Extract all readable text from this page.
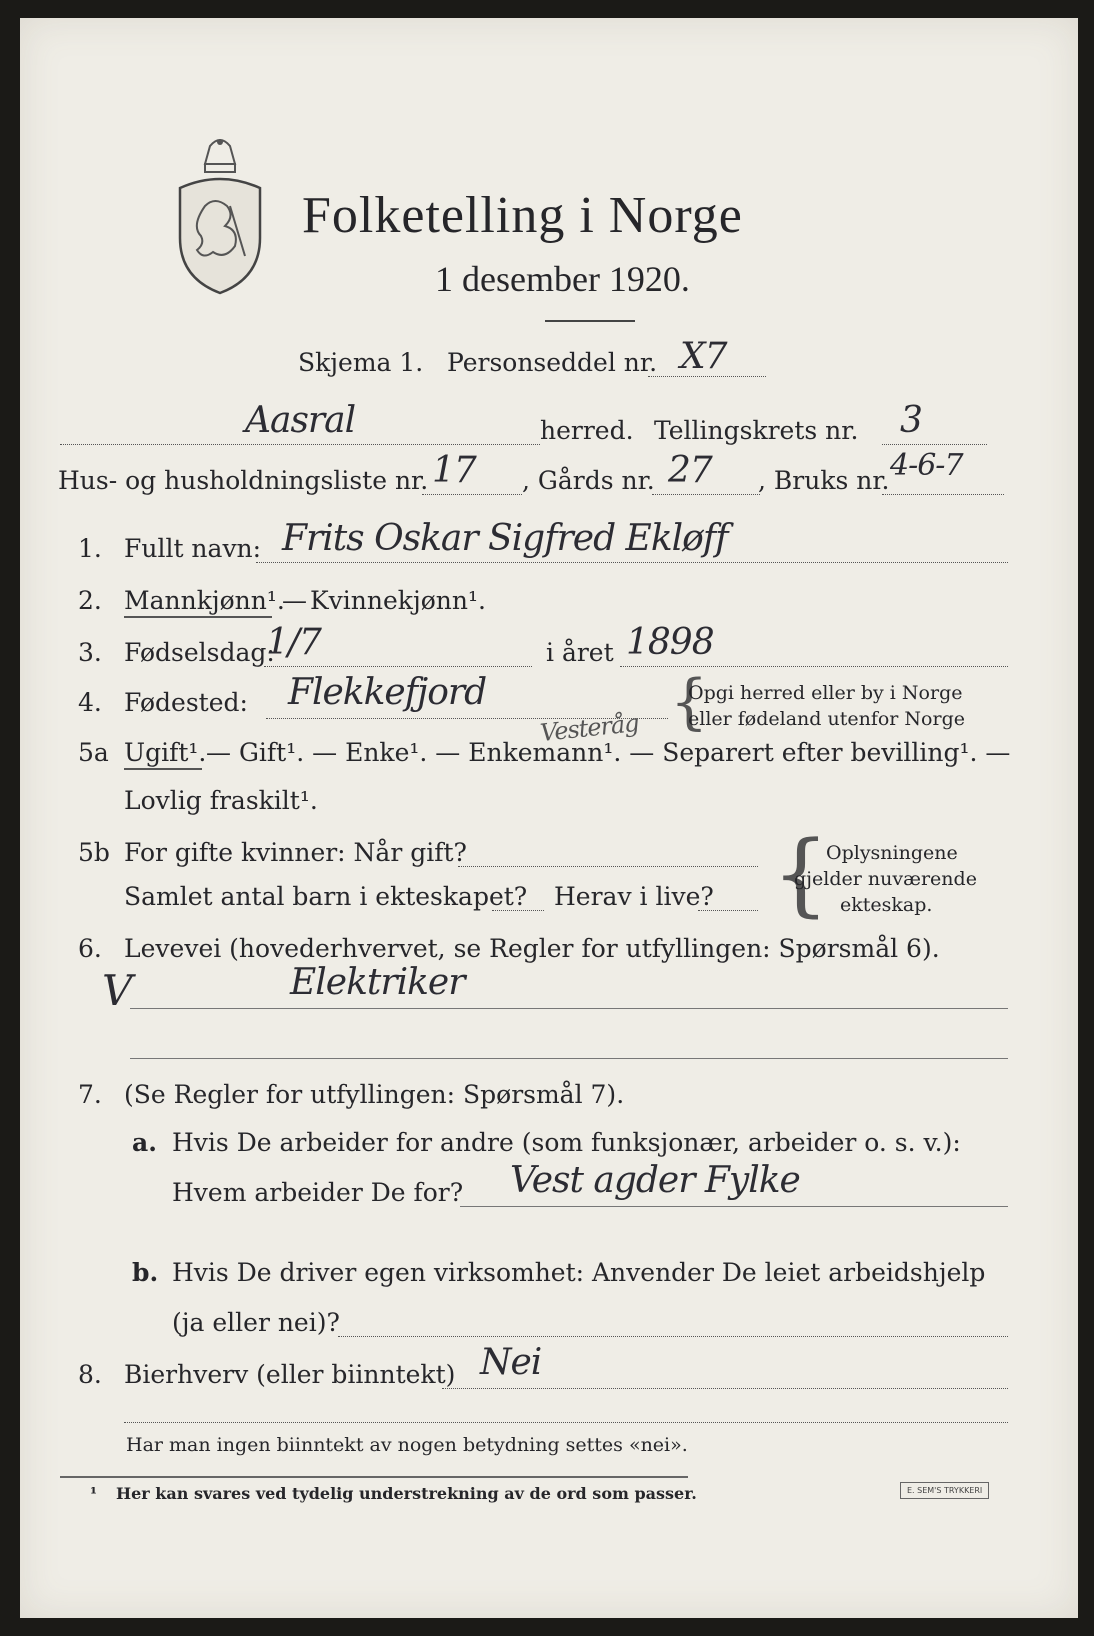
Folketelling i Norge
1 desember 1920.
Skjema 1. Personseddel nr. X7
Aasral	herred. Tellingskrets nr. 3
Hus- og husholdningsliste nr. 17 , Gårds nr. 27 , Bruks nr. 4-6-7
1. Fullt navn: Frits Oskar Sigfred Ekløff
2. Mannkjønn¹.
— Kvinnekjønn¹.
3. Fødselsdag:
1/7	i året 1898
4. Fødested: Flekkefjord	{
Opgi herred eller by i Norge
eller fødeland utenfor Norge
Vesteråg
5a Ugift¹. — Gift¹. — Enke¹. — Enkemann¹. — Separert efter bevilling¹. —
Lovlig fraskilt¹.
5b For gifte kvinner: Når gift?
Samlet antal barn i ekteskapet? Herav i live? {
Oplysningene
gjelder nuværende
ekteskap.
6. Levevei (hovederhvervet, se Regler for utfyllingen: Spørsmål 6).
V	Elektriker
7. (Se Regler for utfyllingen: Spørsmål 7).
a. Hvis De arbeider for andre (som funksjonær, arbeider o. s. v.):
Hvem arbeider De for? Vest agder Fylke
b. Hvis De driver egen virksomhet: Anvender De leiet arbeidshjelp
(ja eller nei)?
8. Bierhverv (eller biinntekt) Nei
Har man ingen biinntekt av nogen betydning settes «nei».
¹ Her kan svares ved tydelig understrekning av de ord som passer.	E. SEM'S TRYKKERI
